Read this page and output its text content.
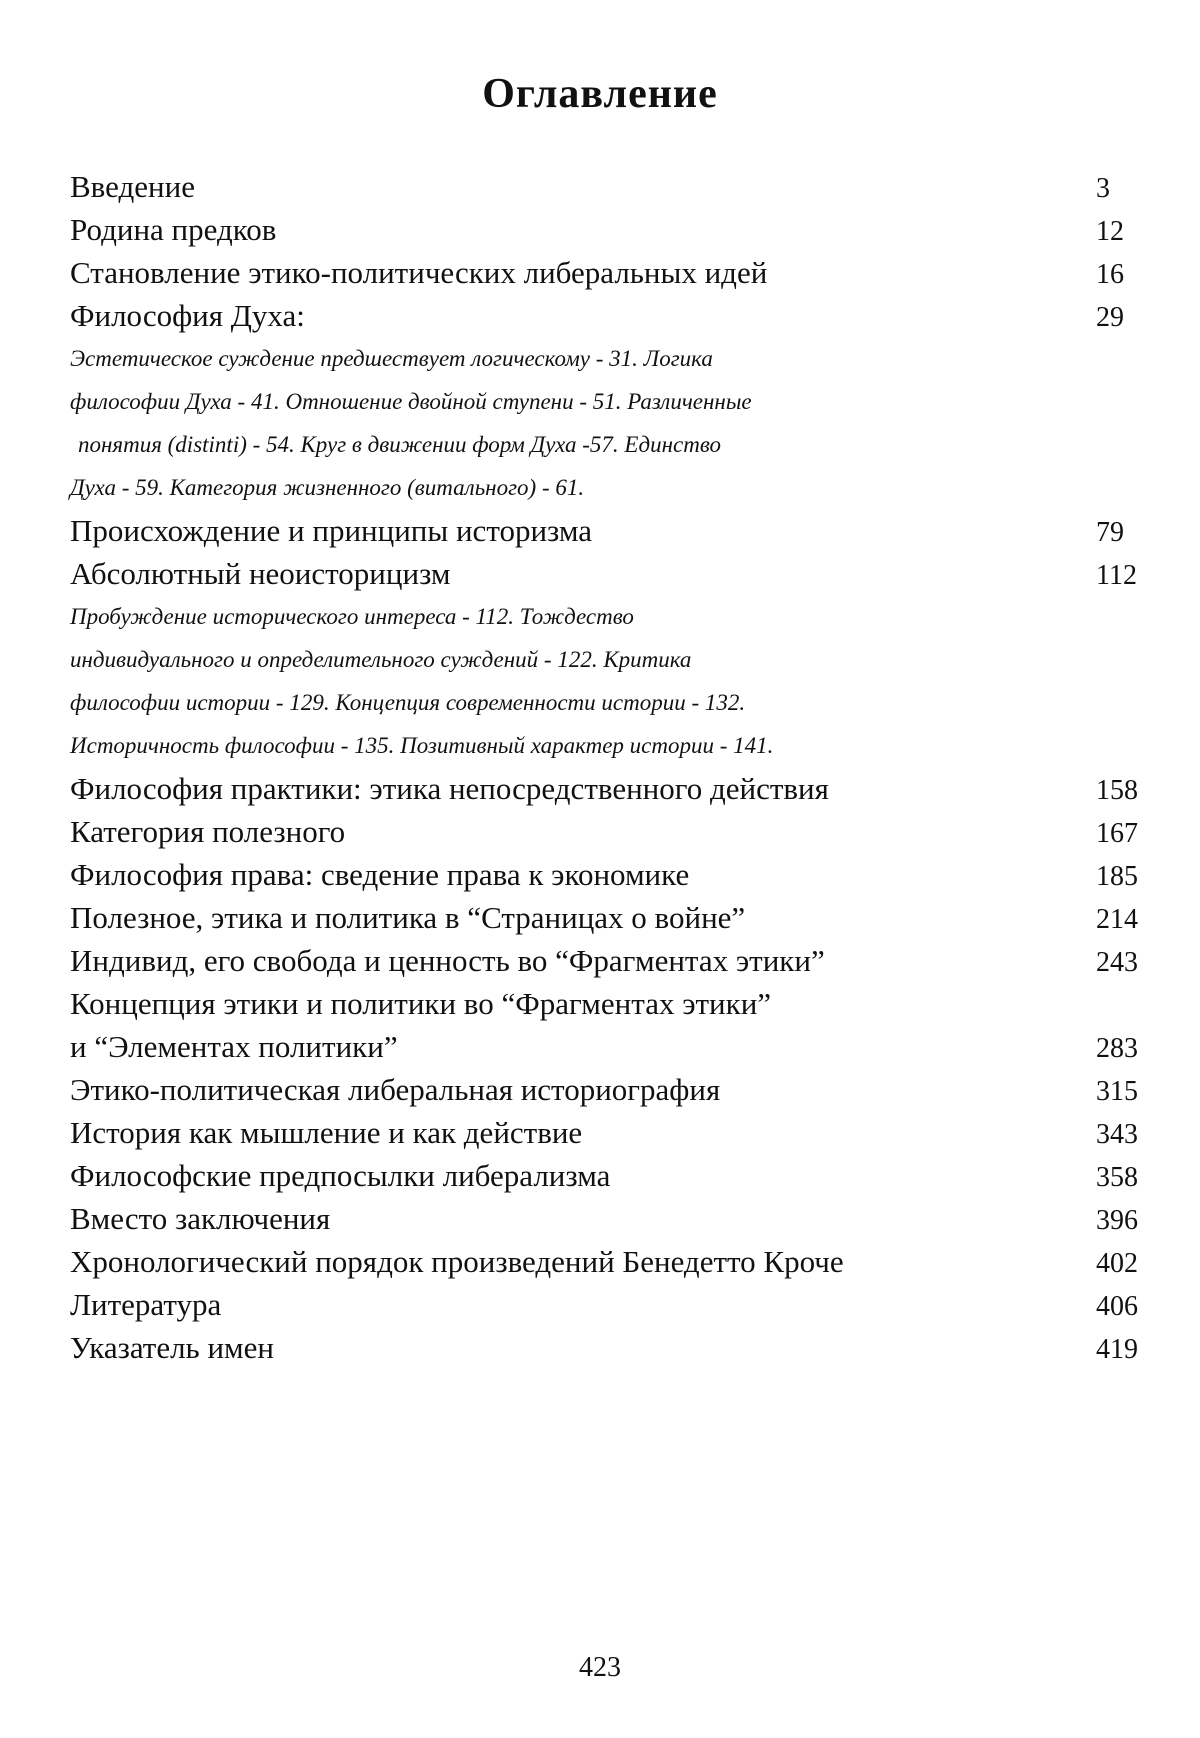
Оглавление
Введение	3
Родина предков	12
Становление этико-политических либеральных идей	16
Философия Духа:	29
Эстетическое суждение предшествует логическому - 31. Логика
философии Духа - 41. Отношение двойной ступени - 51. Различенные
понятия (distinti) - 54. Круг в движении форм Духа -57. Единство
Духа - 59. Категория жизненного (витального) - 61.
Происхождение и принципы историзма	79
Абсолютный неоисторицизм	112
Пробуждение исторического интереса - 112. Тождество
индивидуального и определительного суждений - 122. Критика
философии истории - 129. Концепция современности истории - 132.
Историчность философии - 135. Позитивный характер истории - 141.
Философия практики: этика непосредственного действия	158
Категория полезного	167
Философия права: сведение права к экономике	185
Полезное, этика и политика в “Страницах о войне”	214
Индивид, его свобода и ценность во “Фрагментах этики”	243
Концепция этики и политики во “Фрагментах этики”
и “Элементах политики”	283
Этико-политическая либеральная историография	315
История как мышление и как действие	343
Философские предпосылки либерализма	358
Вместо заключения	396
Хронологический порядок произведений Бенедетто Кроче	402
Литература	406
Указатель имен	419
423
